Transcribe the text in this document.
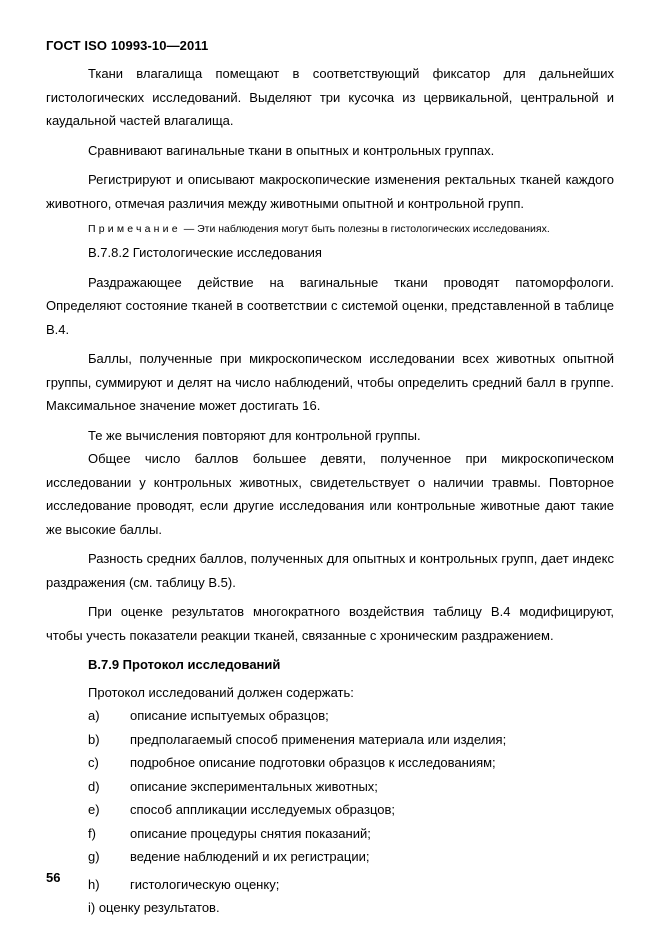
ГОСТ ISO 10993-10—2011

Ткани влагалища помещают в соответствующий фиксатор для дальнейших гистологических исследований. Выделяют три кусочка из цервикальной, центральной и каудальной частей влагалища.

Сравнивают вагинальные ткани в опытных и контрольных группах.

Регистрируют и описывают макроскопические изменения ректальных тканей каждого животного, отмечая различия между животными опытной и контрольной групп.

Примечание — Эти наблюдения могут быть полезны в гистологических исследованиях.

В.7.8.2 Гистологические исследования

Раздражающее действие на вагинальные ткани проводят патоморфологи. Определяют состояние тканей в соответствии с системой оценки, представленной в таблице В.4.

Баллы, полученные при микроскопическом исследовании всех животных опытной группы, суммируют и делят на число наблюдений, чтобы определить средний балл в группе. Максимальное значение может достигать 16.

Те же вычисления повторяют для контрольной группы.

Общее число баллов большее девяти, полученное при микроскопическом исследовании у контрольных животных, свидетельствует о наличии травмы. Повторное исследование проводят, если другие исследования или контрольные животные дают такие же высокие баллы.

Разность средних баллов, полученных для опытных и контрольных групп, дает индекс раздражения (см. таблицу В.5).

При оценке результатов многократного воздействия таблицу В.4 модифицируют, чтобы учесть показатели реакции тканей, связанные с хроническим раздражением.

В.7.9 Протокол исследований

Протокол исследований должен содержать:

а)	описание испытуемых образцов;
b)	предполагаемый способ применения материала или изделия;
c)	подробное описание подготовки образцов к исследованиям;
d)	описание экспериментальных животных;
e)	способ аппликации исследуемых образцов;
f)	описание процедуры снятия показаний;
g)	ведение наблюдений и их регистрации;
h)	гистологическую оценку;

i) оценку результатов.

56
